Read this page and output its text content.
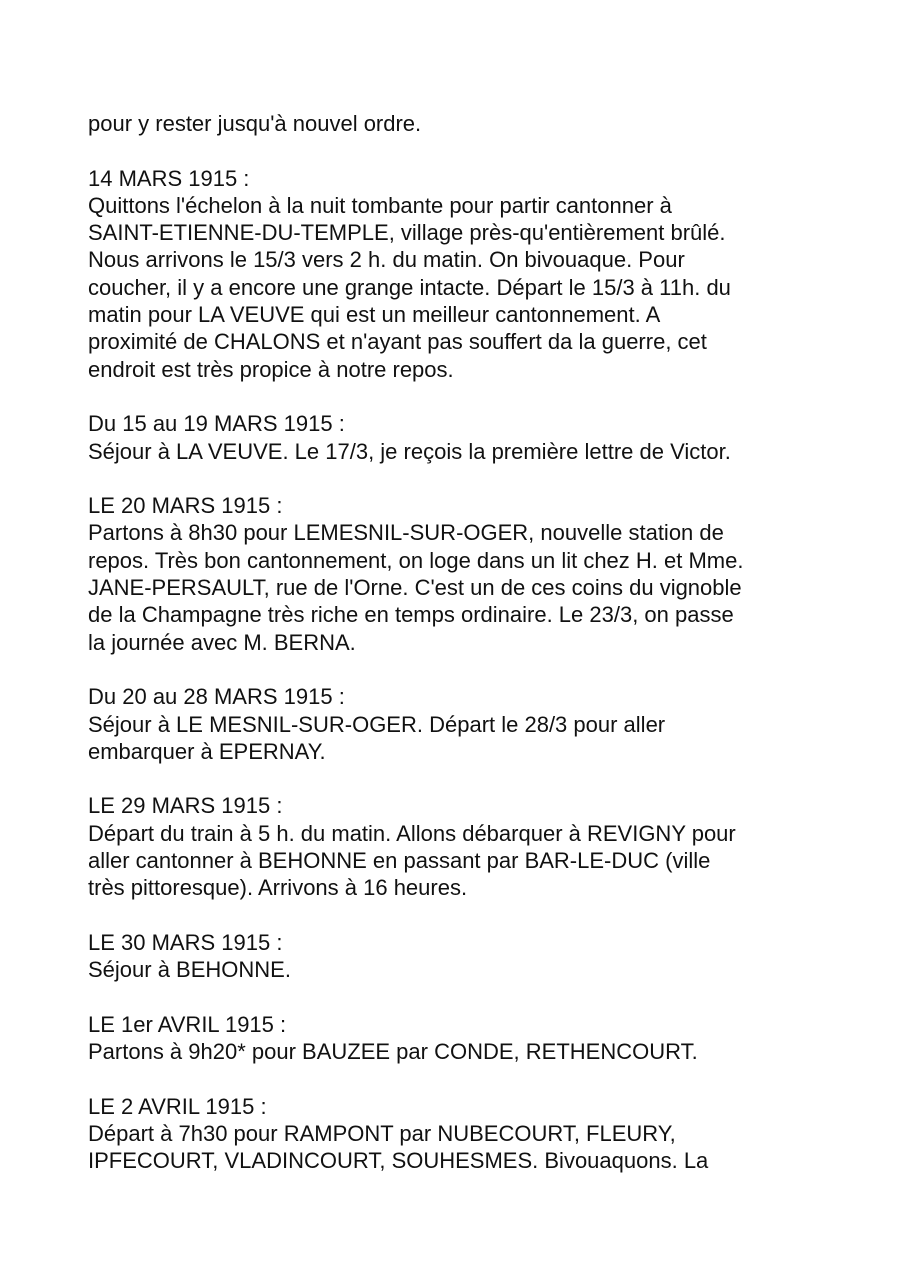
pour y rester jusqu'à nouvel ordre.

14 MARS 1915 :
Quittons l'échelon à la nuit tombante pour partir cantonner à
SAINT-ETIENNE-DU-TEMPLE, village près-qu'entièrement brûlé.
Nous arrivons le 15/3 vers 2 h. du matin. On bivouaque. Pour
coucher, il y a encore une grange intacte. Départ le 15/3 à 11h. du
matin pour LA VEUVE qui est un meilleur cantonnement. A
proximité de CHALONS et n'ayant pas souffert da la guerre, cet
endroit est très propice à notre repos.

Du 15 au 19 MARS 1915 :
Séjour à LA VEUVE. Le 17/3, je reçois la première lettre de Victor.

LE 20 MARS 1915 :
Partons à 8h30 pour LEMESNIL-SUR-OGER, nouvelle station de
repos. Très bon cantonnement, on loge dans un lit chez H. et Mme.
JANE-PERSAULT, rue de l'Orne. C'est un de ces coins du vignoble
de la Champagne très riche en temps ordinaire. Le 23/3, on passe
la journée avec M. BERNA.

Du 20 au 28 MARS 1915 :
Séjour à LE MESNIL-SUR-OGER. Départ le 28/3 pour aller
embarquer à EPERNAY.

LE 29 MARS 1915 :
Départ du train à 5 h. du matin. Allons débarquer à REVIGNY pour
aller cantonner à BEHONNE en passant par BAR-LE-DUC (ville
très pittoresque). Arrivons à 16 heures.

LE 30 MARS 1915 :
Séjour à BEHONNE.

LE 1er AVRIL 1915 :
Partons à 9h20* pour BAUZEE par CONDE, RETHENCOURT.

LE 2 AVRIL 1915 :
Départ à 7h30 pour RAMPONT par NUBECOURT, FLEURY,
IPFECOURT, VLADINCOURT, SOUHESMES. Bivouaquons. La
